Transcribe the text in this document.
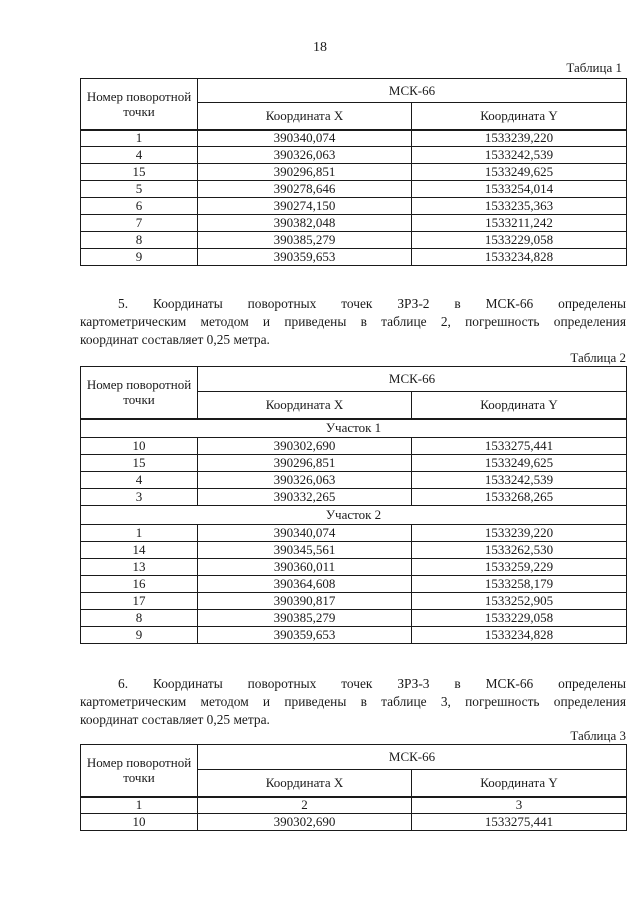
18
Таблица 1
Номер поворотной точки	МСК-66	
	Координата X	Координата Y
1	390340,074	1533239,220
4	390326,063	1533242,539
15	390296,851	1533249,625
5	390278,646	1533254,014
6	390274,150	1533235,363
7	390382,048	1533211,242
8	390385,279	1533229,058
9	390359,653	1533234,828
5. Координаты поворотных точек ЗРЗ-2 в МСК-66 определены
картометрическим методом и приведены в таблице 2, погрешность определения
координат составляет 0,25 метра.
Таблица 2
Номер поворотной точки	МСК-66	
	Координата X	Координата Y
Участок 1		
10	390302,690	1533275,441
15	390296,851	1533249,625
4	390326,063	1533242,539
3	390332,265	1533268,265
Участок 2		
1	390340,074	1533239,220
14	390345,561	1533262,530
13	390360,011	1533259,229
16	390364,608	1533258,179
17	390390,817	1533252,905
8	390385,279	1533229,058
9	390359,653	1533234,828
6. Координаты поворотных точек ЗРЗ-3 в МСК-66 определены
картометрическим методом и приведены в таблице 3, погрешность определения
координат составляет 0,25 метра.
Таблица 3
Номер поворотной точки	МСК-66	
	Координата X	Координата Y
1	2	3
10	390302,690	1533275,441
